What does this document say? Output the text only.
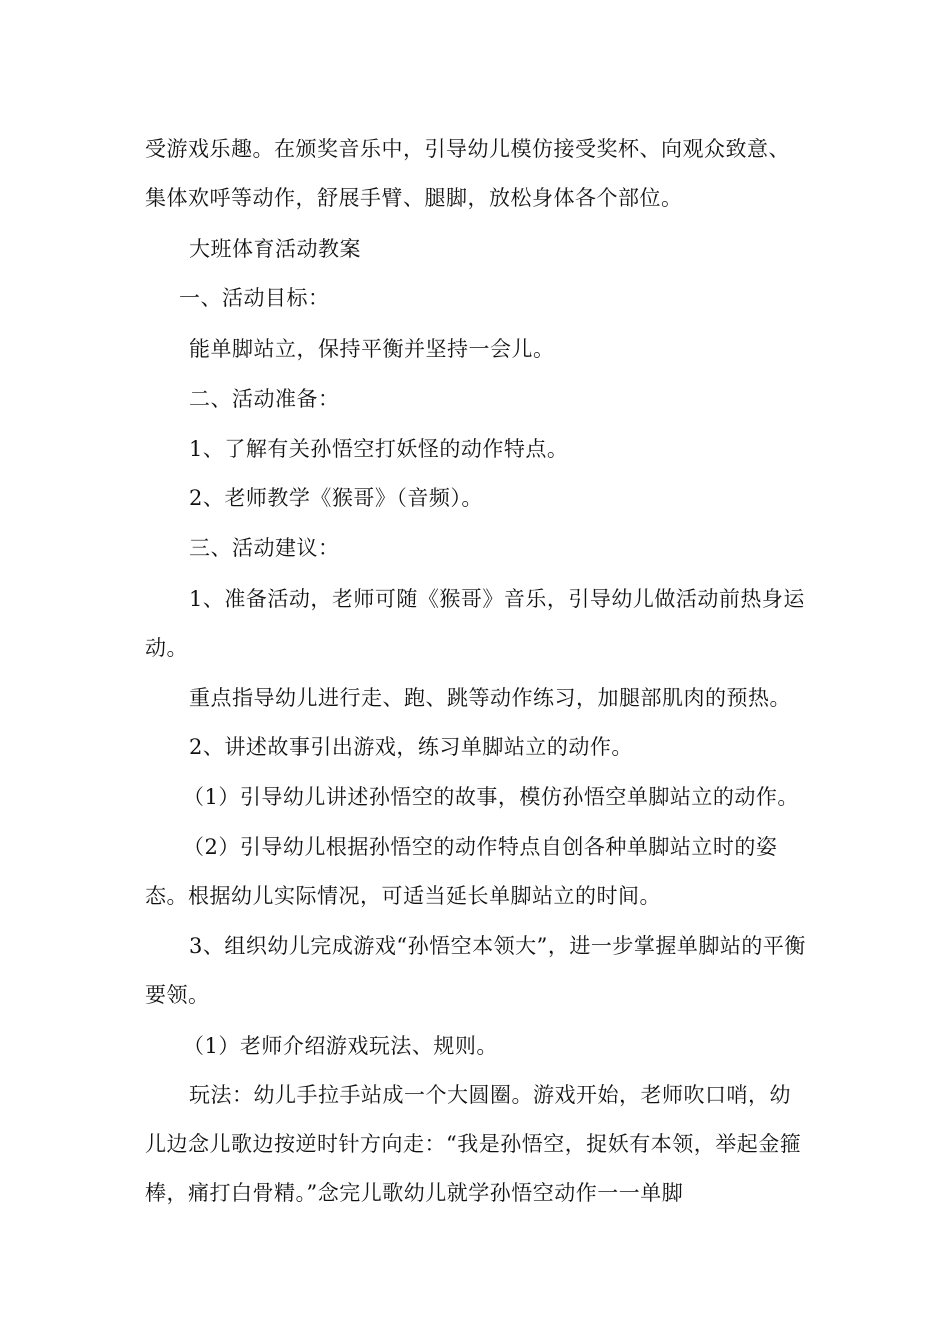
受游戏乐趣。在颁奖音乐中，引导幼儿模仿接受奖杯、向观众致意、集体欢呼等动作，舒展手臂、腿脚，放松身体各个部位。

大班体育活动教案

一、活动目标：

能单脚站立，保持平衡并坚持一会儿。

二、活动准备：

1、了解有关孙悟空打妖怪的动作特点。

2、老师教学《猴哥》（音频）。

三、活动建议：

1、准备活动，老师可随《猴哥》音乐，引导幼儿做活动前热身运动。

重点指导幼儿进行走、跑、跳等动作练习，加腿部肌肉的预热。

2、讲述故事引出游戏，练习单脚站立的动作。

（1）引导幼儿讲述孙悟空的故事，模仿孙悟空单脚站立的动作。

（2）引导幼儿根据孙悟空的动作特点自创各种单脚站立时的姿态。根据幼儿实际情况，可适当延长单脚站立的时间。

3、组织幼儿完成游戏“孙悟空本领大”，进一步掌握单脚站的平衡要领。

（1）老师介绍游戏玩法、规则。

玩法：幼儿手拉手站成一个大圆圈。游戏开始，老师吹口哨，幼儿边念儿歌边按逆时针方向走：“我是孙悟空，捉妖有本领，举起金箍棒，痛打白骨精。”念完儿歌幼儿就学孙悟空动作一一单脚
